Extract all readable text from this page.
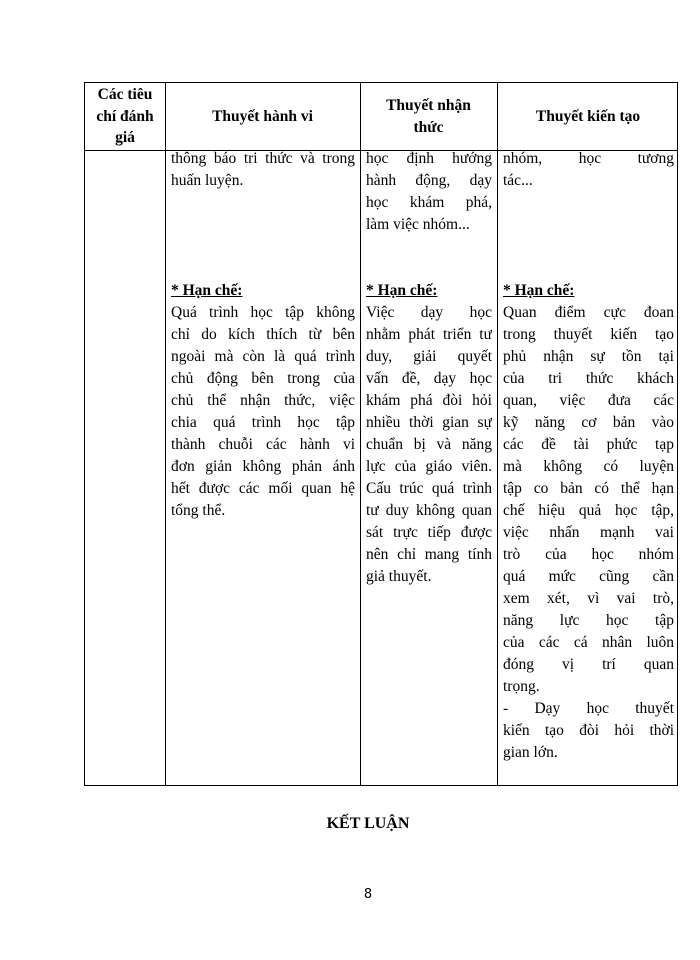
Các tiêu
chí đánh
giá
Thuyết hành vi
Thuyết nhận
thức
Thuyết kiến tạo
thông báo tri thức và trong
huấn luyện.
* Hạn chế:
Quá trình học tập không
chỉ do kích thích từ bên
ngoài mà còn là quá trình
chủ động bên trong của
chủ thể nhận thức, việc
chia quá trình học tập
thành chuỗi các hành vi
đơn giản không phản ánh
hết được các mối quan hệ
tổng thể.
học định hướng
hành động, dạy
học khám phá,
làm việc nhóm...
* Hạn chế:
Việc dạy học
nhằm phát triển tư
duy, giải quyết
vấn đề, dạy học
khám phá đòi hỏi
nhiều thời gian sự
chuẩn bị và năng
lực của giáo viên.
Cấu trúc quá trình
tư duy không quan
sát trực tiếp được
nên chỉ mang tính
giả thuyết.
nhóm, học tương
tác...
* Hạn chế:
Quan điểm cực đoan
trong thuyết kiến tạo
phủ nhận sự tồn tại
của tri thức khách
quan, việc đưa các
kỹ năng cơ bản vào
các đề tài phức tạp
mà không có luyện
tập co bản có thể hạn
chế hiệu quả học tập,
việc nhấn mạnh vai
trò của học nhóm
quá mức cũng cần
xem xét, vì vai trò,
năng lực học tập
của các cá nhân luôn
đóng vị trí quan
trọng.
- Dạy học thuyết
kiến tạo đòi hỏi thời
gian lớn.
KẾT LUẬN
8
